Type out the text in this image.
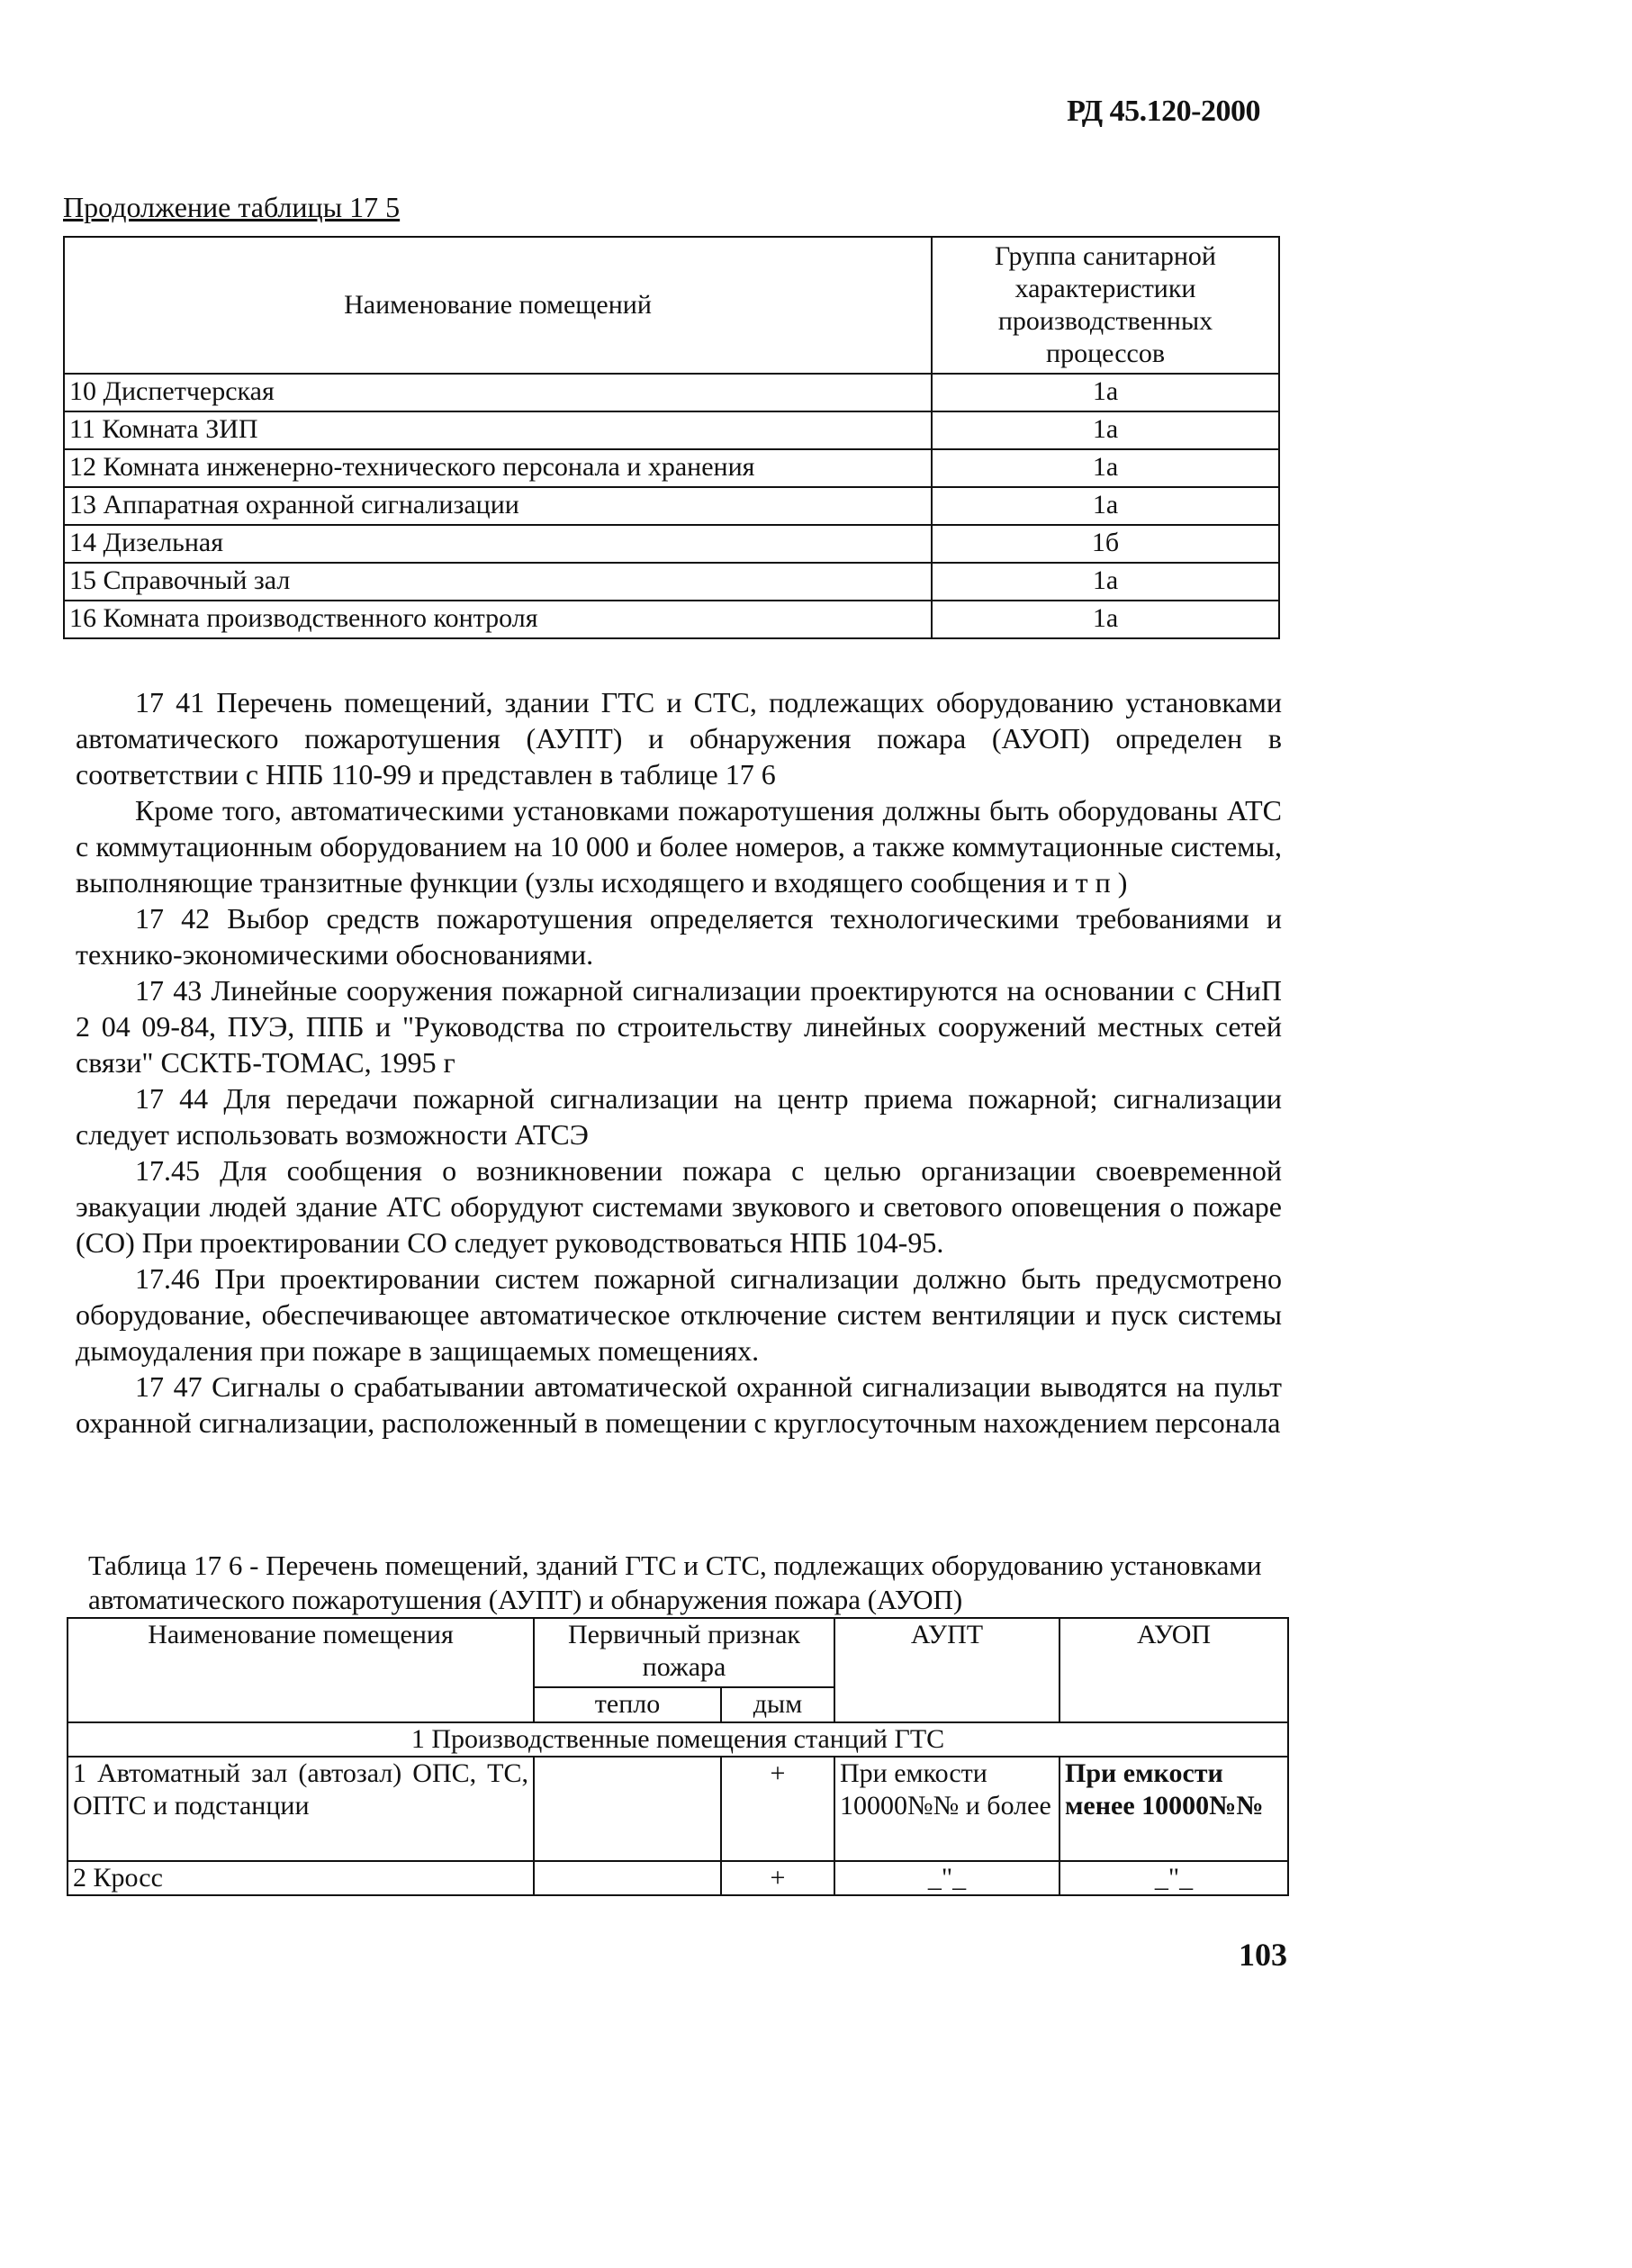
РД 45.120-2000
Продолжение таблицы 17 5
Наименование помещений	Группа санитарной характеристики производственных процессов
10 Диспетчерская	1a
11 Комната ЗИП	1a
12 Комната инженерно-технического персонала и хранения	1a
13 Аппаратная охранной сигнализации	1a
14 Дизельная	1б
15 Справочный зал	1a
16 Комната производственного контроля	1a

17 41 Перечень помещений, здании ГТС и СТС, подлежащих оборудованию установками автоматического пожаротушения (АУПТ) и обнаружения пожара (АУОП) определен в соответствии с НПБ 110-99 и представлен в таблице 17 6

Кроме того, автоматическими установками пожаротушения должны быть оборудованы АТС с коммутационным оборудованием на 10 000 и более номеров, а также коммутационные системы, выполняющие транзитные функции (узлы исходящего и входящего сообщения и т п )

17 42 Выбор средств пожаротушения определяется технологическими требованиями и технико-экономическими обоснованиями.

17 43 Линейные сооружения пожарной сигнализации проектируются на основании с СНиП 2 04 09-84, ПУЭ, ППБ и "Руководства по строительству линейных сооружений местных сетей связи" ССКТБ-ТОМАС, 1995 г

17 44 Для передачи пожарной сигнализации на центр приема пожарной; сигнализации следует использовать возможности АТСЭ

17.45 Для сообщения о возникновении пожара с целью организации своевременной эвакуации людей здание АТС оборудуют системами звукового и светового оповещения о пожаре (СО) При проектировании СО следует руководствоваться НПБ 104-95.

17.46 При проектировании систем пожарной сигнализации должно быть предусмотрено оборудование, обеспечивающее автоматическое отключение систем вентиляции и пуск системы дымоудаления при пожаре в защищаемых помещениях.

17 47 Сигналы о срабатывании автоматической охранной сигнализации выводятся на пульт охранной сигнализации, расположенный в помещении с круглосуточным нахождением персонала

Таблица 17 6 - Перечень помещений, зданий ГТС и СТС, подлежащих оборудованию установками автоматического пожаротушения (АУПТ) и обнаружения пожара (АУОП)
Наименование помещения	Первичный признак пожара		АУПТ	АУОП
	тепло	дым		
1 Производственные помещения станций ГТС				
1 Автоматный зал (автозал) ОПС, ТС, ОПТС и подстанции		+	При емкости 10000№№ и более	При емкости менее 10000№№
2 Кросс		+	_"_	_"_
103
